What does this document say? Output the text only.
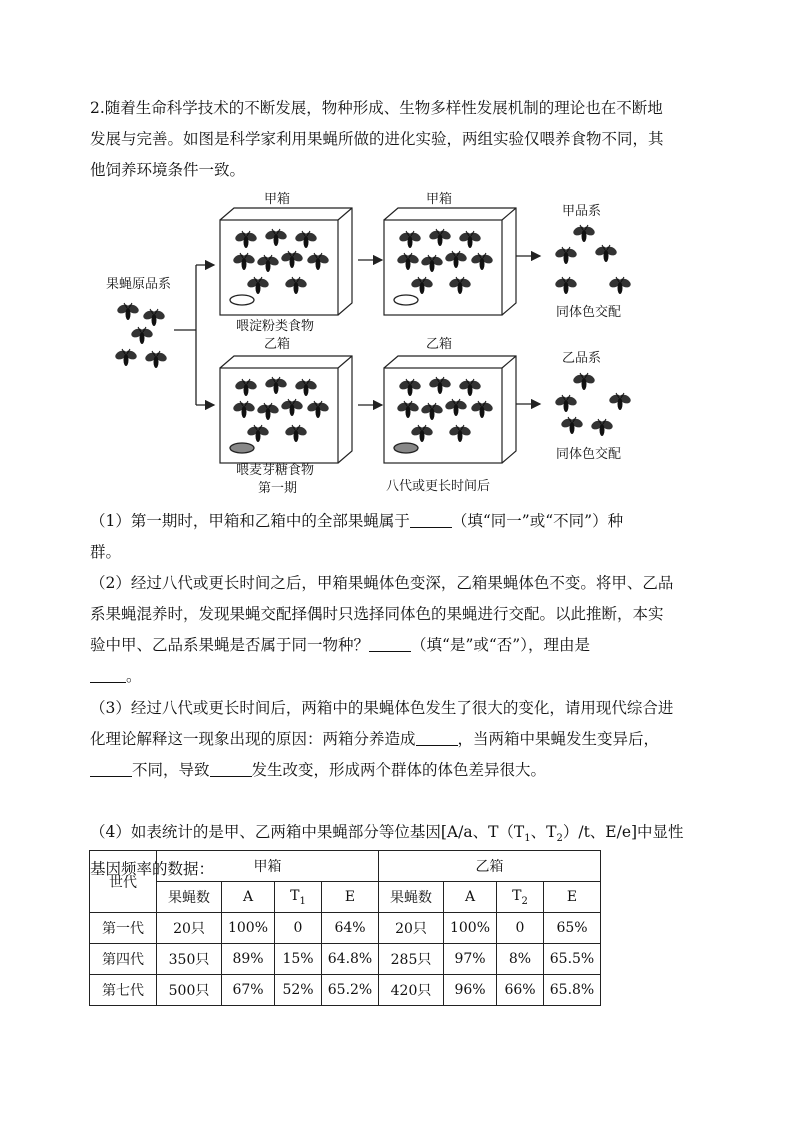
2.随着生命科学技术的不断发展，物种形成、生物多样性发展机制的理论也在不断地
发展与完善。如图是科学家利用果蝇所做的进化实验，两组实验仅喂养食物不同，其
他饲养环境条件一致。
果蝇原品系
甲箱
喂淀粉类食物
乙箱
喂麦芽糖食物
第一期
甲箱
乙箱
八代或更长时间后
甲品系
同体色交配
乙品系
同体色交配
（1）第一期时，甲箱和乙箱中的全部果蝇属于	（填“同一”或“不同”）种
群。
（2）经过八代或更长时间之后，甲箱果蝇体色变深，乙箱果蝇体色不变。将甲、乙品
系果蝇混养时，发现果蝇交配择偶时只选择同体色的果蝇进行交配。以此推断，本实
验中甲、乙品系果蝇是否属于同一物种？	（填“是”或“否”），理由是
。
（3）经过八代或更长时间后，两箱中的果蝇体色发生了很大的变化，请用现代综合进
化理论解释这一现象出现的原因：两箱分养造成	，当两箱中果蝇发生变异后，
不同，导致	发生改变，形成两个群体的体色差异很大。
（4）如表统计的是甲、乙两箱中果蝇部分等位基因[A/a、$T(T_1$、$T_2)/t$、E/e]中显性
基因频率的数据：
世代	甲箱				乙箱			
	果蝇数	A	$T_1$	E	果蝇数	A	$T_2$	E
第一代	20只	100%	0	64%	20只	100%	0	65%
第四代	350只	89%	15%	64.8%	285只	97%	8%	65.5%
第七代	500只	67%	52%	65.2%	420只	96%	66%	65.8%
